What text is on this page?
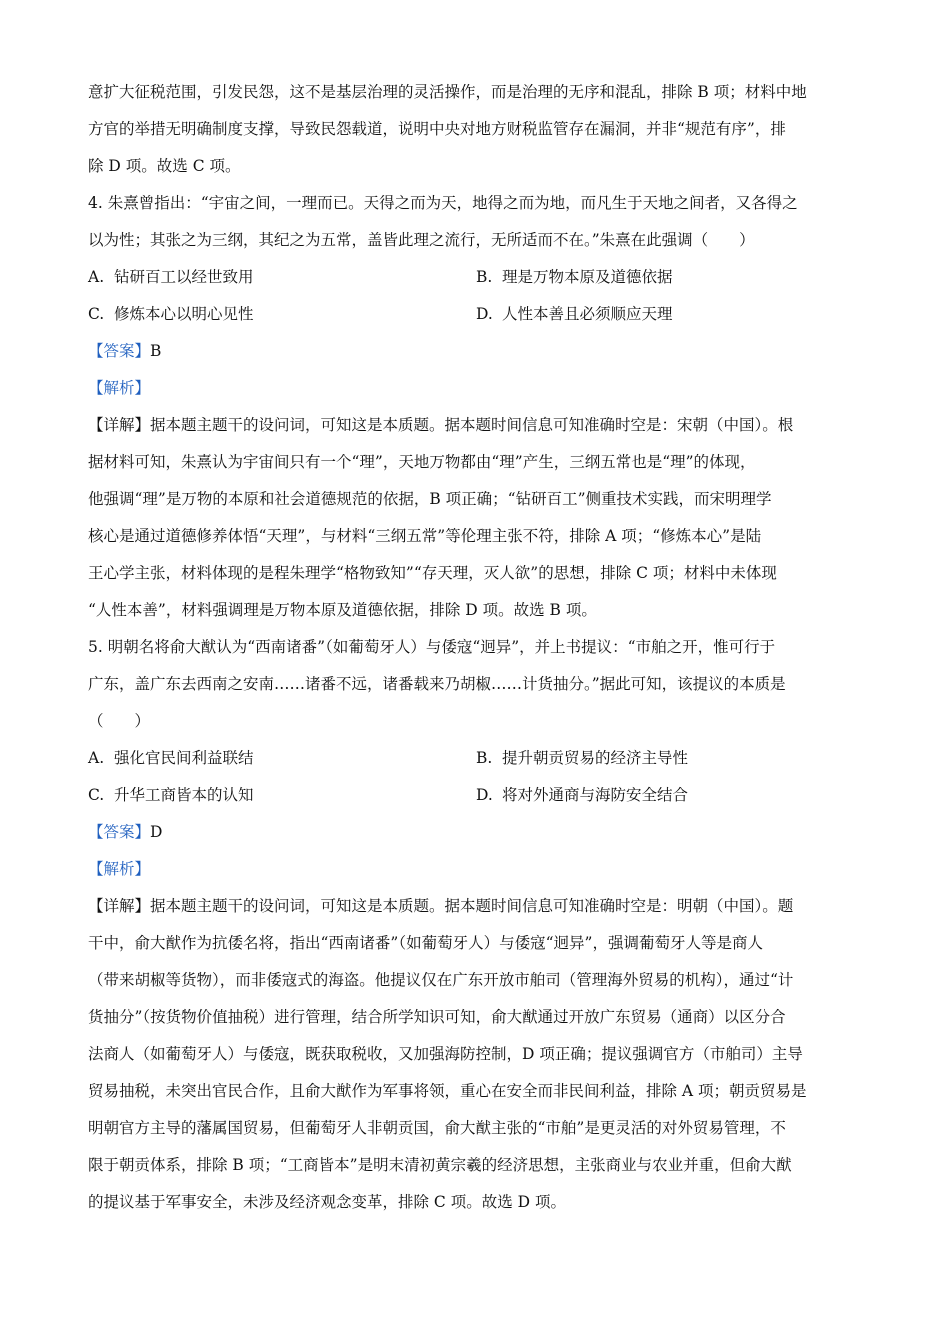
意扩大征税范围，引发民怨，这不是基层治理的灵活操作，而是治理的无序和混乱，排除 B 项；材料中地
方官的举措无明确制度支撑，导致民怨载道，说明中央对地方财税监管存在漏洞，并非“规范有序”，排
除 D 项。故选 C 项。
4. 朱熹曾指出：“宇宙之间，一理而已。天得之而为天，地得之而为地，而凡生于天地之间者，又各得之
以为性；其张之为三纲，其纪之为五常，盖皆此理之流行，无所适而不在。”朱熹在此强调（　　）
A. 钻研百工以经世致用	B. 理是万物本原及道德依据
C. 修炼本心以明心见性	D. 人性本善且必须顺应天理
【答案】B
【解析】
【详解】据本题主题干的设问词，可知这是本质题。据本题时间信息可知准确时空是：宋朝（中国）。根
据材料可知，朱熹认为宇宙间只有一个“理”，天地万物都由“理”产生，三纲五常也是“理”的体现，
他强调“理”是万物的本原和社会道德规范的依据，B 项正确；“钻研百工”侧重技术实践，而宋明理学
核心是通过道德修养体悟“天理”，与材料“三纲五常”等伦理主张不符，排除 A 项；“修炼本心”是陆
王心学主张，材料体现的是程朱理学“格物致知”“存天理，灭人欲”的思想，排除 C 项；材料中未体现
“人性本善”，材料强调理是万物本原及道德依据，排除 D 项。故选 B 项。
5. 明朝名将俞大猷认为“西南诸番”（如葡萄牙人）与倭寇“迥异”，并上书提议：“市舶之开，惟可行于
广东，盖广东去西南之安南……诸番不远，诸番载来乃胡椒……计货抽分。”据此可知，该提议的本质是
（　　）
A. 强化官民间利益联结	B. 提升朝贡贸易的经济主导性
C. 升华工商皆本的认知	D. 将对外通商与海防安全结合
【答案】D
【解析】
【详解】据本题主题干的设问词，可知这是本质题。据本题时间信息可知准确时空是：明朝（中国）。题
干中，俞大猷作为抗倭名将，指出“西南诸番”（如葡萄牙人）与倭寇“迥异”，强调葡萄牙人等是商人
（带来胡椒等货物），而非倭寇式的海盗。他提议仅在广东开放市舶司（管理海外贸易的机构），通过“计
货抽分”（按货物价值抽税）进行管理，结合所学知识可知，俞大猷通过开放广东贸易（通商）以区分合
法商人（如葡萄牙人）与倭寇，既获取税收，又加强海防控制，D 项正确；提议强调官方（市舶司）主导
贸易抽税，未突出官民合作，且俞大猷作为军事将领，重心在安全而非民间利益，排除 A 项；朝贡贸易是
明朝官方主导的藩属国贸易，但葡萄牙人非朝贡国，俞大猷主张的“市舶”是更灵活的对外贸易管理，不
限于朝贡体系，排除 B 项；“工商皆本”是明末清初黄宗羲的经济思想，主张商业与农业并重，但俞大猷
的提议基于军事安全，未涉及经济观念变革，排除 C 项。故选 D 项。
